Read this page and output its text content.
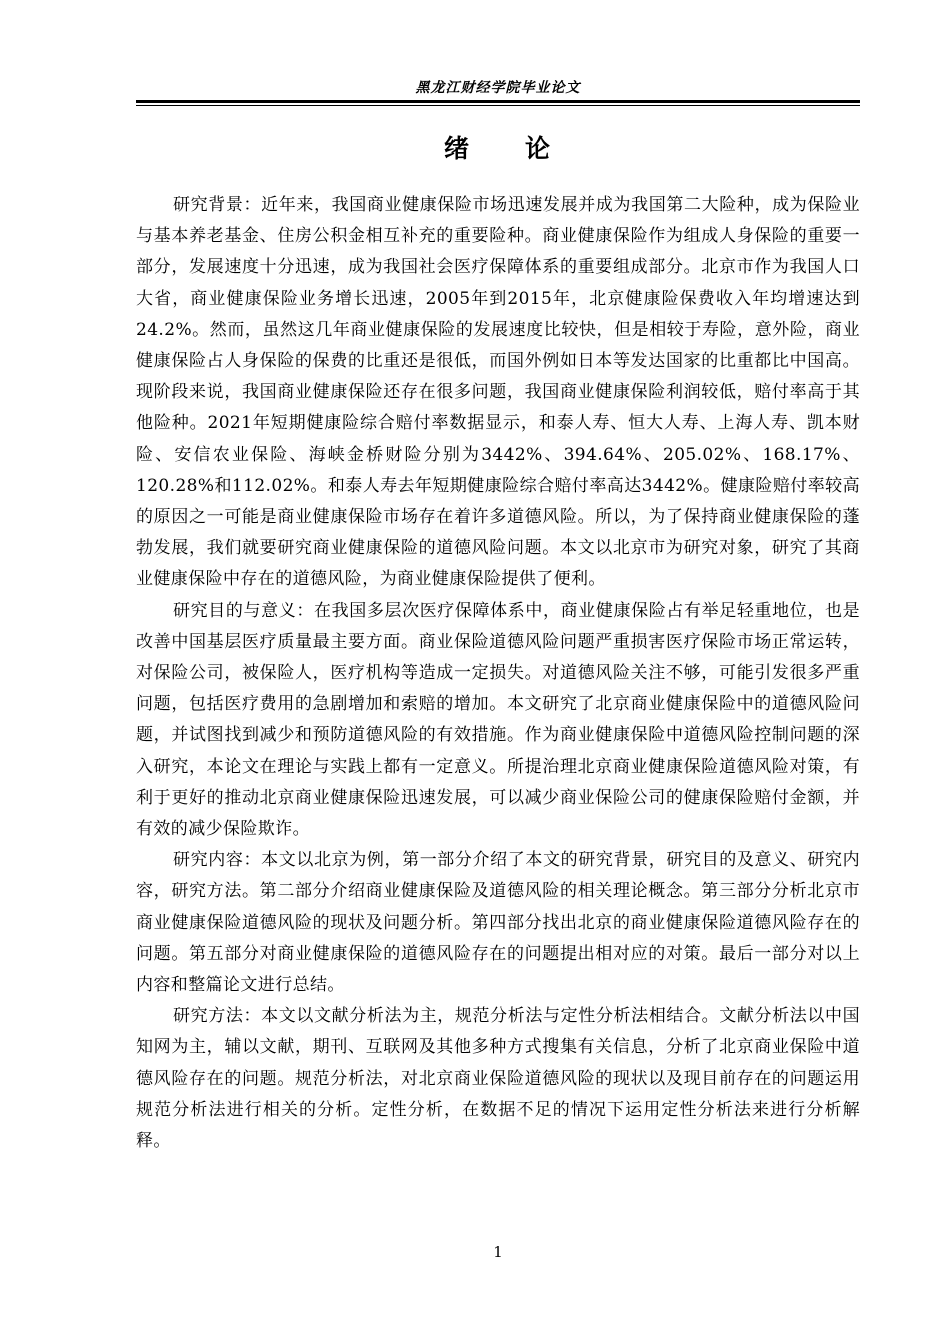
黑龙江财经学院毕业论文
绪　　论

研究背景：近年来，我国商业健康保险市场迅速发展并成为我国第二大险种，成为保险业与基本养老基金、住房公积金相互补充的重要险种。商业健康保险作为组成人身保险的重要一部分，发展速度十分迅速，成为我国社会医疗保障体系的重要组成部分。北京市作为我国人口大省，商业健康保险业务增长迅速，2005年到2015年，北京健康险保费收入年均增速达到24.2%。然而，虽然这几年商业健康保险的发展速度比较快，但是相较于寿险，意外险，商业健康保险占人身保险的保费的比重还是很低，而国外例如日本等发达国家的比重都比中国高。现阶段来说，我国商业健康保险还存在很多问题，我国商业健康保险利润较低，赔付率高于其他险种。2021年短期健康险综合赔付率数据显示，和泰人寿、恒大人寿、上海人寿、凯本财险、安信农业保险、海峡金桥财险分别为3442%、394.64%、205.02%、168.17%、120.28%和112.02%。和泰人寿去年短期健康险综合赔付率高达3442%。健康险赔付率较高的原因之一可能是商业健康保险市场存在着许多道德风险。所以，为了保持商业健康保险的蓬勃发展，我们就要研究商业健康保险的道德风险问题。本文以北京市为研究对象，研究了其商业健康保险中存在的道德风险，为商业健康保险提供了便利。

研究目的与意义：在我国多层次医疗保障体系中，商业健康保险占有举足轻重地位，也是改善中国基层医疗质量最主要方面。商业保险道德风险问题严重损害医疗保险市场正常运转，对保险公司，被保险人，医疗机构等造成一定损失。对道德风险关注不够，可能引发很多严重问题，包括医疗费用的急剧增加和索赔的增加。本文研究了北京商业健康保险中的道德风险问题，并试图找到减少和预防道德风险的有效措施。作为商业健康保险中道德风险控制问题的深入研究，本论文在理论与实践上都有一定意义。所提治理北京商业健康保险道德风险对策，有利于更好的推动北京商业健康保险迅速发展，可以减少商业保险公司的健康保险赔付金额，并有效的减少保险欺诈。

研究内容：本文以北京为例，第一部分介绍了本文的研究背景，研究目的及意义、研究内容，研究方法。第二部分介绍商业健康保险及道德风险的相关理论概念。第三部分分析北京市商业健康保险道德风险的现状及问题分析。第四部分找出北京的商业健康保险道德风险存在的问题。第五部分对商业健康保险的道德风险存在的问题提出相对应的对策。最后一部分对以上内容和整篇论文进行总结。

研究方法：本文以文献分析法为主，规范分析法与定性分析法相结合。文献分析法以中国知网为主，辅以文献，期刊、互联网及其他多种方式搜集有关信息，分析了北京商业保险中道德风险存在的问题。规范分析法，对北京商业保险道德风险的现状以及现目前存在的问题运用规范分析法进行相关的分析。定性分析，在数据不足的情况下运用定性分析法来进行分析解释。

1
